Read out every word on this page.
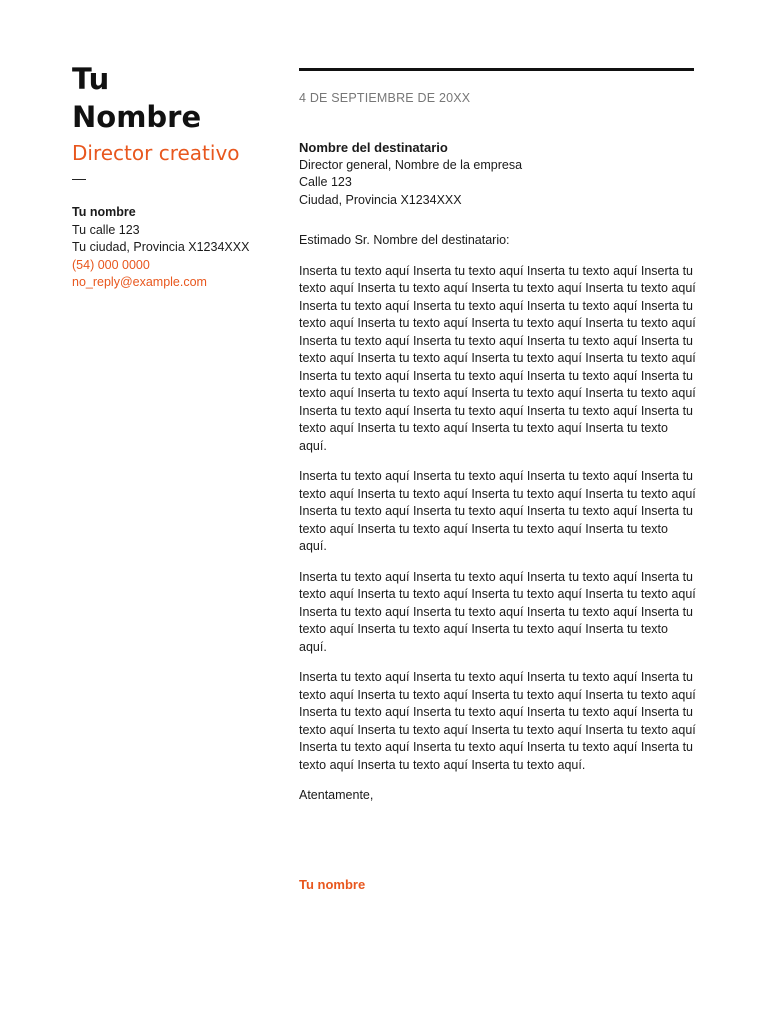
Tu
Nombre
Director creativo
—
Tu nombre
Tu calle 123
Tu ciudad, Provincia X1234XXX
(54) 000 0000
no_reply@example.com
4 DE SEPTIEMBRE DE 20XX
Nombre del destinatario
Director general, Nombre de la empresa
Calle 123
Ciudad, Provincia X1234XXX
Estimado Sr. Nombre del destinatario:
Inserta tu texto aquí Inserta tu texto aquí Inserta tu texto aquí Inserta tu texto aquí Inserta tu texto aquí Inserta tu texto aquí Inserta tu texto aquí Inserta tu texto aquí Inserta tu texto aquí Inserta tu texto aquí Inserta tu texto aquí Inserta tu texto aquí Inserta tu texto aquí Inserta tu texto aquí Inserta tu texto aquí Inserta tu texto aquí Inserta tu texto aquí Inserta tu texto aquí Inserta tu texto aquí Inserta tu texto aquí Inserta tu texto aquí Inserta tu texto aquí Inserta tu texto aquí Inserta tu texto aquí Inserta tu texto aquí Inserta tu texto aquí Inserta tu texto aquí Inserta tu texto aquí Inserta tu texto aquí Inserta tu texto aquí Inserta tu texto aquí Inserta tu texto aquí Inserta tu texto aquí Inserta tu texto aquí Inserta tu texto aquí.
Inserta tu texto aquí Inserta tu texto aquí Inserta tu texto aquí Inserta tu texto aquí Inserta tu texto aquí Inserta tu texto aquí Inserta tu texto aquí Inserta tu texto aquí Inserta tu texto aquí Inserta tu texto aquí Inserta tu texto aquí Inserta tu texto aquí Inserta tu texto aquí Inserta tu texto aquí.
Inserta tu texto aquí Inserta tu texto aquí Inserta tu texto aquí Inserta tu texto aquí Inserta tu texto aquí Inserta tu texto aquí Inserta tu texto aquí Inserta tu texto aquí Inserta tu texto aquí Inserta tu texto aquí Inserta tu texto aquí Inserta tu texto aquí Inserta tu texto aquí Inserta tu texto aquí.
Inserta tu texto aquí Inserta tu texto aquí Inserta tu texto aquí Inserta tu texto aquí Inserta tu texto aquí Inserta tu texto aquí Inserta tu texto aquí Inserta tu texto aquí Inserta tu texto aquí Inserta tu texto aquí Inserta tu texto aquí Inserta tu texto aquí Inserta tu texto aquí Inserta tu texto aquí Inserta tu texto aquí Inserta tu texto aquí Inserta tu texto aquí Inserta tu texto aquí Inserta tu texto aquí Inserta tu texto aquí.
Atentamente,
Tu nombre
